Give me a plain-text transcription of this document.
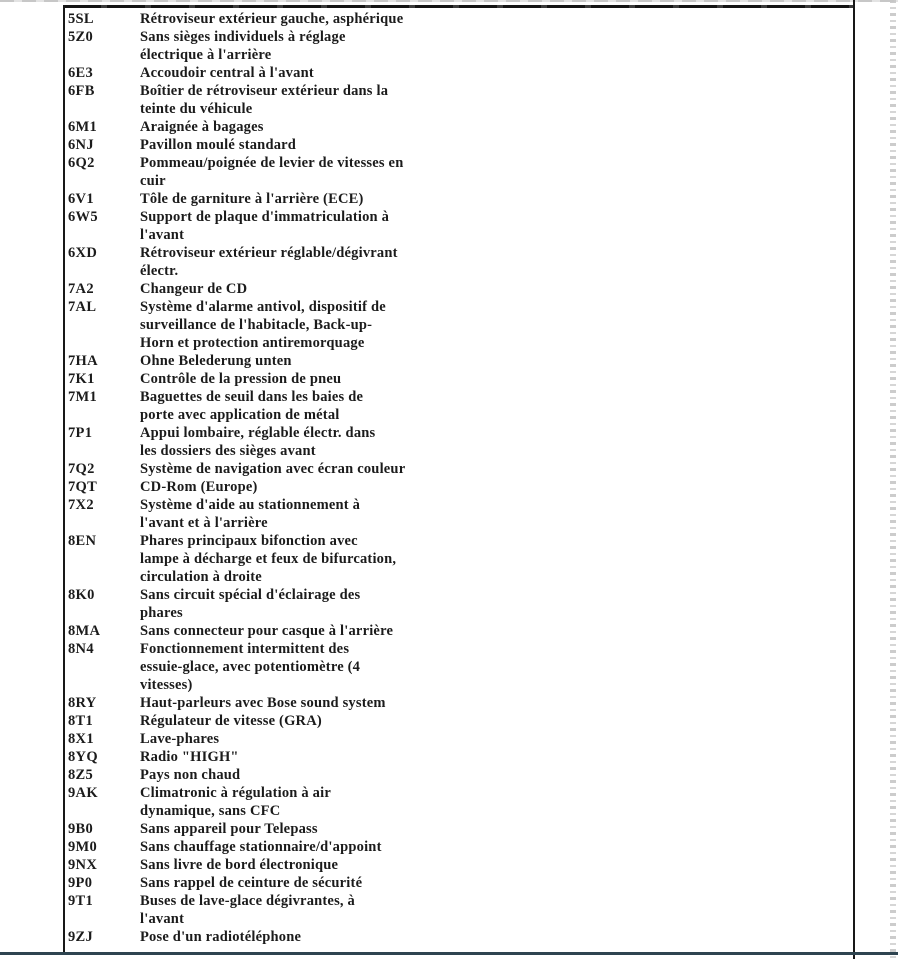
5SL	Rétroviseur extérieur gauche, asphérique
5Z0	Sans sièges individuels à réglage
électrique à l'arrière
6E3	Accoudoir central à l'avant
6FB	Boîtier de rétroviseur extérieur dans la
teinte du véhicule
6M1	Araignée à bagages
6NJ	Pavillon moulé standard
6Q2	Pommeau/poignée de levier de vitesses en
cuir
6V1	Tôle de garniture à l'arrière (ECE)
6W5	Support de plaque d'immatriculation à
l'avant
6XD	Rétroviseur extérieur réglable/dégivrant
électr.
7A2	Changeur de CD
7AL	Système d'alarme antivol, dispositif de
surveillance de l'habitacle, Back-up-
Horn et protection antiremorquage
7HA	Ohne Belederung unten
7K1	Contrôle de la pression de pneu
7M1	Baguettes de seuil dans les baies de
porte avec application de métal
7P1	Appui lombaire, réglable électr. dans
les dossiers des sièges avant
7Q2	Système de navigation avec écran couleur
7QT	CD-Rom (Europe)
7X2	Système d'aide au stationnement à
l'avant et à l'arrière
8EN	Phares principaux bifonction avec
lampe à décharge et feux de bifurcation,
circulation à droite
8K0	Sans circuit spécial d'éclairage des
phares
8MA	Sans connecteur pour casque à l'arrière
8N4	Fonctionnement intermittent des
essuie-glace, avec potentiomètre (4
vitesses)
8RY	Haut-parleurs avec Bose sound system
8T1	Régulateur de vitesse (GRA)
8X1	Lave-phares
8YQ	Radio "HIGH"
8Z5	Pays non chaud
9AK	Climatronic à régulation à air
dynamique, sans CFC
9B0	Sans appareil pour Telepass
9M0	Sans chauffage stationnaire/d'appoint
9NX	Sans livre de bord électronique
9P0	Sans rappel de ceinture de sécurité
9T1	Buses de lave-glace dégivrantes, à
l'avant
9ZJ	Pose d'un radiotéléphone
